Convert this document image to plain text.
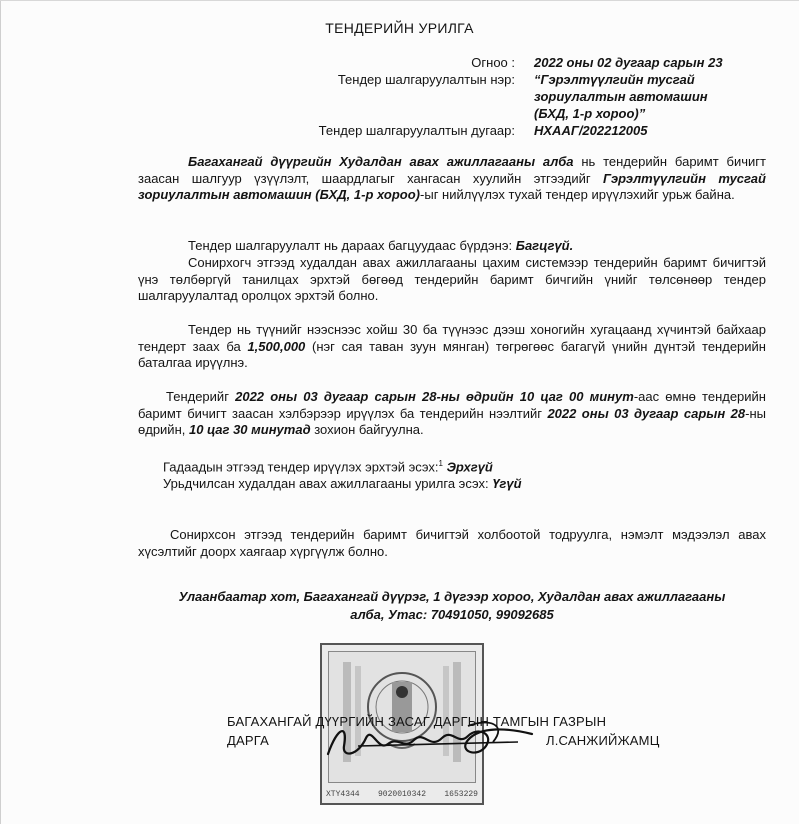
ТЕНДЕРИЙН УРИЛГА
Огноо : 2022 оны 02 дугаар сарын 23
Тендер шалгаруулалтын нэр: “Гэрэлтүүлгийн тусгай
зориулалтын автомашин
(БХД, 1-р хороо)”
Тендер шалгаруулалтын дугаар: НХААГ/202212005
Багахангай дүүргийн Худалдан авах ажиллагааны алба нь тендерийн баримт бичигт заасан шалгуур үзүүлэлт, шаардлагыг хангасан хуулийн этгээдийг Гэрэлтүүлгийн тусгай зориулалтын автомашин (БХД, 1-р хороо)-ыг нийлүүлэх тухай тендер ирүүлэхийг урьж байна.
Тендер шалгаруулалт нь дараах багцуудаас бүрдэнэ: Багцгүй.
Сонирхогч этгээд худалдан авах ажиллагааны цахим системээр тендерийн баримт бичигтэй үнэ төлбөргүй танилцах эрхтэй бөгөөд тендерийн баримт бичгийн үнийг төлсөнөөр тендер шалгаруулалтад оролцох эрхтэй болно.
Тендер нь түүнийг нээснээс хойш 30 ба түүнээс дээш хоногийн хугацаанд хүчинтэй байхаар тендерт заах ба 1,500,000 (нэг сая таван зуун мянган) төгрөгөөс багагүй үнийн дүнтэй тендерийн баталгаа ирүүлнэ.
Тендерийг 2022 оны 03 дугаар сарын 28-ны өдрийн 10 цаг 00 минут-аас өмнө тендерийн баримт бичигт заасан хэлбэрээр ирүүлэх ба тендерийн нээлтийг 2022 оны 03 дугаар сарын 28-ны өдрийн, 10 цаг 30 минутад зохион байгуулна.
Гадаадын этгээд тендер ирүүлэх эрхтэй эсэх:$^1$ Эрхгүй
Урьдчилсан худалдан авах ажиллагааны урилга эсэх: Үгүй
Сонирхсон этгээд тендерийн баримт бичигтэй холбоотой тодруулга, нэмэлт мэдээлэл авах хүсэлтийг доорх хаягаар хүргүүлж болно.
Улаанбаатар хот, Багахангай дүүрэг, 1 дүгээр хороо, Худалдан авах ажиллагааны
алба, Утас: 70491050, 99092685
ХТҮ4344 9020010342 1653229
БАГАХАНГАЙ ДҮҮРГИЙН ЗАСАГ ДАРГЫН ТАМГЫН ГАЗРЫН
ДАРГА	Л.САНЖИЙЖАМЦ
